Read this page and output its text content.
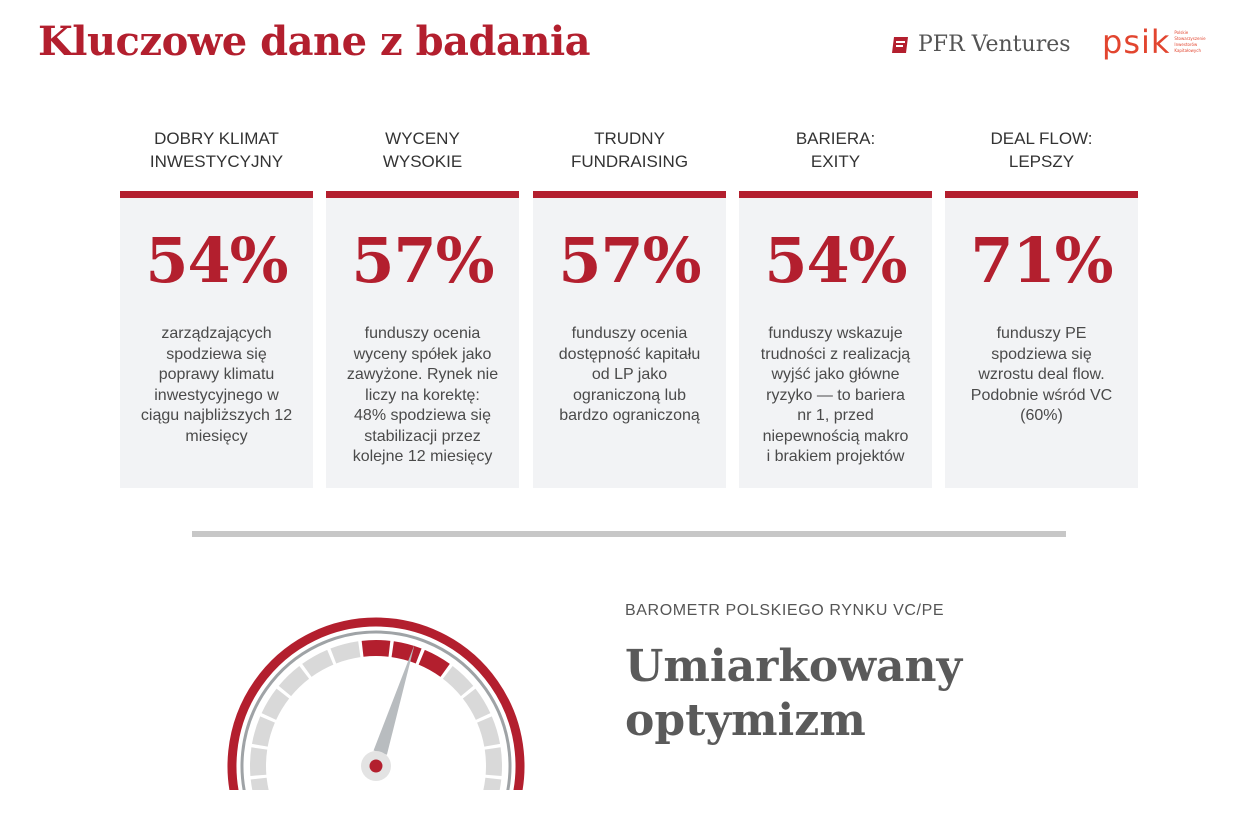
Kluczowe dane z badania	PFR Ventures psik Polskie Stowarzyszenie Inwestorów Kapitałowych
DOBRY KLIMAT
INWESTYCYJNY
54%
zarządzających
spodziewa się
poprawy klimatu
inwestycyjnego w
ciągu najbliższych 12
miesięcy
WYCENY
WYSOKIE
57%
funduszy ocenia
wyceny spółek jako
zawyżone. Rynek nie
liczy na korektę:
48% spodziewa się
stabilizacji przez
kolejne 12 miesięcy
TRUDNY
FUNDRAISING
57%
funduszy ocenia
dostępność kapitału
od LP jako
ograniczoną lub
bardzo ograniczoną
BARIERA:
EXITY
54%
funduszy wskazuje
trudności z realizacją
wyjść jako główne
ryzyko — to bariera
nr 1, przed
niepewnością makro
i brakiem projektów
DEAL FLOW:
LEPSZY
71%
funduszy PE
spodziewa się
wzrostu deal flow.
Podobnie wśród VC
(60%)
BAROMETR POLSKIEGO RYNKU VC/PE
Umiarkowany
optymizm
